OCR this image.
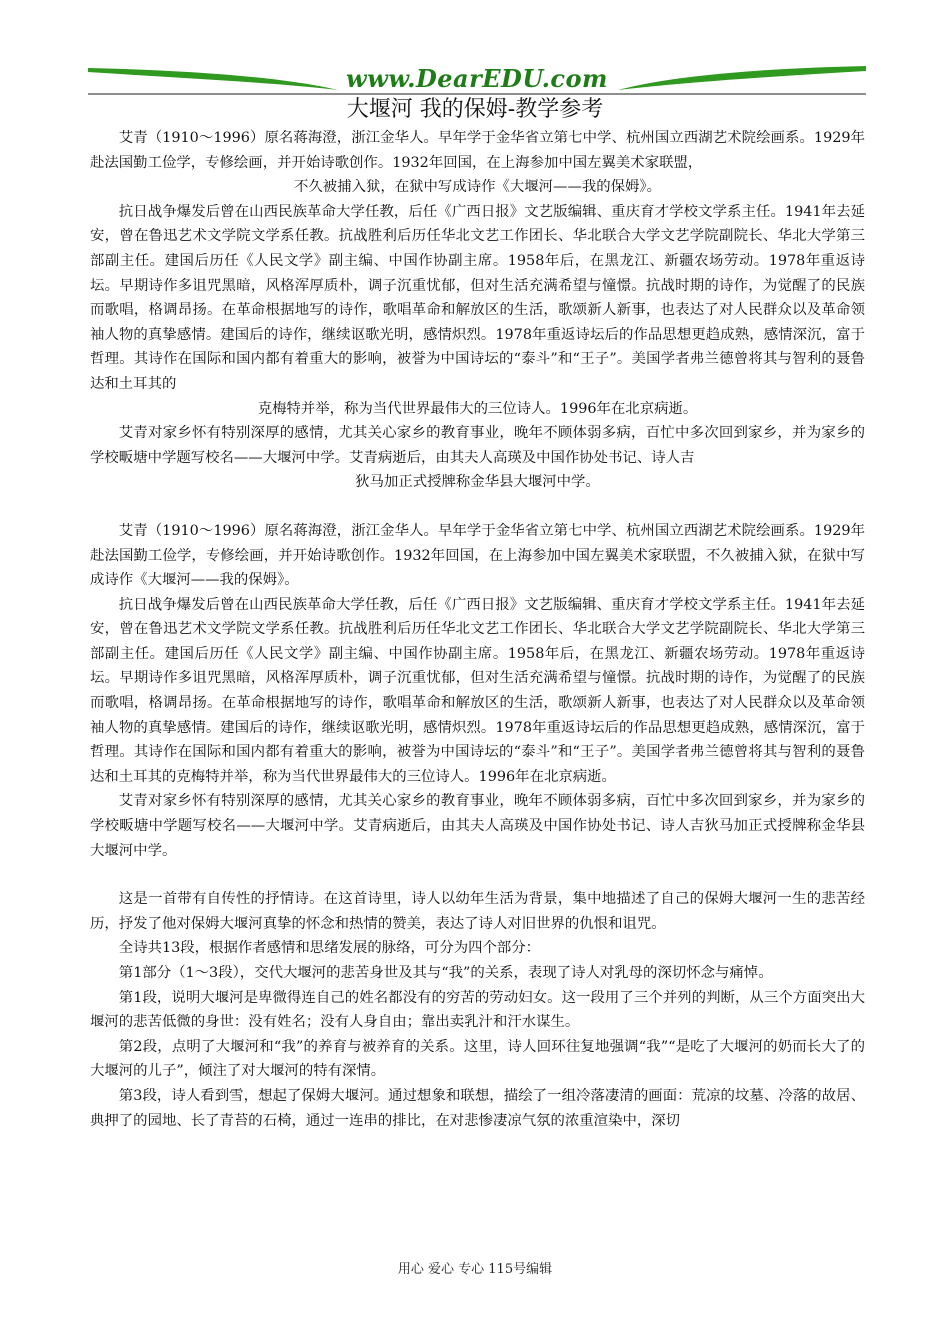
www.DearEDU.com
大堰河 我的保姆-教学参考

艾青（1910～1996）原名蒋海澄，浙江金华人。早年学于金华省立第七中学、杭州国立西湖艺术院绘画系。1929年赴法国勤工俭学，专修绘画，并开始诗歌创作。1932年回国，在上海参加中国左翼美术家联盟，

不久被捕入狱，在狱中写成诗作《大堰河——我的保姆》。

抗日战争爆发后曾在山西民族革命大学任教，后任《广西日报》文艺版编辑、重庆育才学校文学系主任。1941年去延安，曾在鲁迅艺术文学院文学系任教。抗战胜利后历任华北文艺工作团长、华北联合大学文艺学院副院长、华北大学第三部副主任。建国后历任《人民文学》副主编、中国作协副主席。1958年后，在黑龙江、新疆农场劳动。1978年重返诗坛。早期诗作多诅咒黑暗，风格浑厚质朴，调子沉重忧郁，但对生活充满希望与憧憬。抗战时期的诗作，为觉醒了的民族而歌唱，格调昂扬。在革命根据地写的诗作，歌唱革命和解放区的生活，歌颂新人新事，也表达了对人民群众以及革命领袖人物的真挚感情。建国后的诗作，继续讴歌光明，感情炽烈。1978年重返诗坛后的作品思想更趋成熟，感情深沉，富于哲理。其诗作在国际和国内都有着重大的影响，被誉为中国诗坛的“泰斗”和“王子”。美国学者弗兰德曾将其与智利的聂鲁达和土耳其的

克梅特并举，称为当代世界最伟大的三位诗人。1996年在北京病逝。

艾青对家乡怀有特别深厚的感情，尤其关心家乡的教育事业，晚年不顾体弱多病，百忙中多次回到家乡，并为家乡的学校畈塘中学题写校名——大堰河中学。艾青病逝后，由其夫人高瑛及中国作协处书记、诗人吉

狄马加正式授牌称金华县大堰河中学。

艾青（1910～1996）原名蒋海澄，浙江金华人。早年学于金华省立第七中学、杭州国立西湖艺术院绘画系。1929年赴法国勤工俭学，专修绘画，并开始诗歌创作。1932年回国，在上海参加中国左翼美术家联盟，不久被捕入狱，在狱中写成诗作《大堰河——我的保姆》。

抗日战争爆发后曾在山西民族革命大学任教，后任《广西日报》文艺版编辑、重庆育才学校文学系主任。1941年去延安，曾在鲁迅艺术文学院文学系任教。抗战胜利后历任华北文艺工作团长、华北联合大学文艺学院副院长、华北大学第三部副主任。建国后历任《人民文学》副主编、中国作协副主席。1958年后，在黑龙江、新疆农场劳动。1978年重返诗坛。早期诗作多诅咒黑暗，风格浑厚质朴，调子沉重忧郁，但对生活充满希望与憧憬。抗战时期的诗作，为觉醒了的民族而歌唱，格调昂扬。在革命根据地写的诗作，歌唱革命和解放区的生活，歌颂新人新事，也表达了对人民群众以及革命领袖人物的真挚感情。建国后的诗作，继续讴歌光明，感情炽烈。1978年重返诗坛后的作品思想更趋成熟，感情深沉，富于哲理。其诗作在国际和国内都有着重大的影响，被誉为中国诗坛的“泰斗”和“王子”。美国学者弗兰德曾将其与智利的聂鲁达和土耳其的克梅特并举，称为当代世界最伟大的三位诗人。1996年在北京病逝。

艾青对家乡怀有特别深厚的感情，尤其关心家乡的教育事业，晚年不顾体弱多病，百忙中多次回到家乡，并为家乡的学校畈塘中学题写校名——大堰河中学。艾青病逝后，由其夫人高瑛及中国作协处书记、诗人吉狄马加正式授牌称金华县大堰河中学。

这是一首带有自传性的抒情诗。在这首诗里，诗人以幼年生活为背景，集中地描述了自己的保姆大堰河一生的悲苦经历，抒发了他对保姆大堰河真挚的怀念和热情的赞美，表达了诗人对旧世界的仇恨和诅咒。

全诗共13段，根据作者感情和思绪发展的脉络，可分为四个部分：

第1部分（1～3段），交代大堰河的悲苦身世及其与“我”的关系，表现了诗人对乳母的深切怀念与痛悼。

第1段，说明大堰河是卑微得连自己的姓名都没有的穷苦的劳动妇女。这一段用了三个并列的判断，从三个方面突出大堰河的悲苦低微的身世：没有姓名；没有人身自由；靠出卖乳汁和汗水谋生。

第2段，点明了大堰河和“我”的养育与被养育的关系。这里，诗人回环往复地强调“我”“是吃了大堰河的奶而长大了的大堰河的儿子”，倾注了对大堰河的特有深情。

第3段，诗人看到雪，想起了保姆大堰河。通过想象和联想，描绘了一组冷落凄清的画面：荒凉的坟墓、冷落的故居、典押了的园地、长了青苔的石椅，通过一连串的排比，在对悲惨凄凉气氛的浓重渲染中，深切

用心 爱心 专心 115号编辑
